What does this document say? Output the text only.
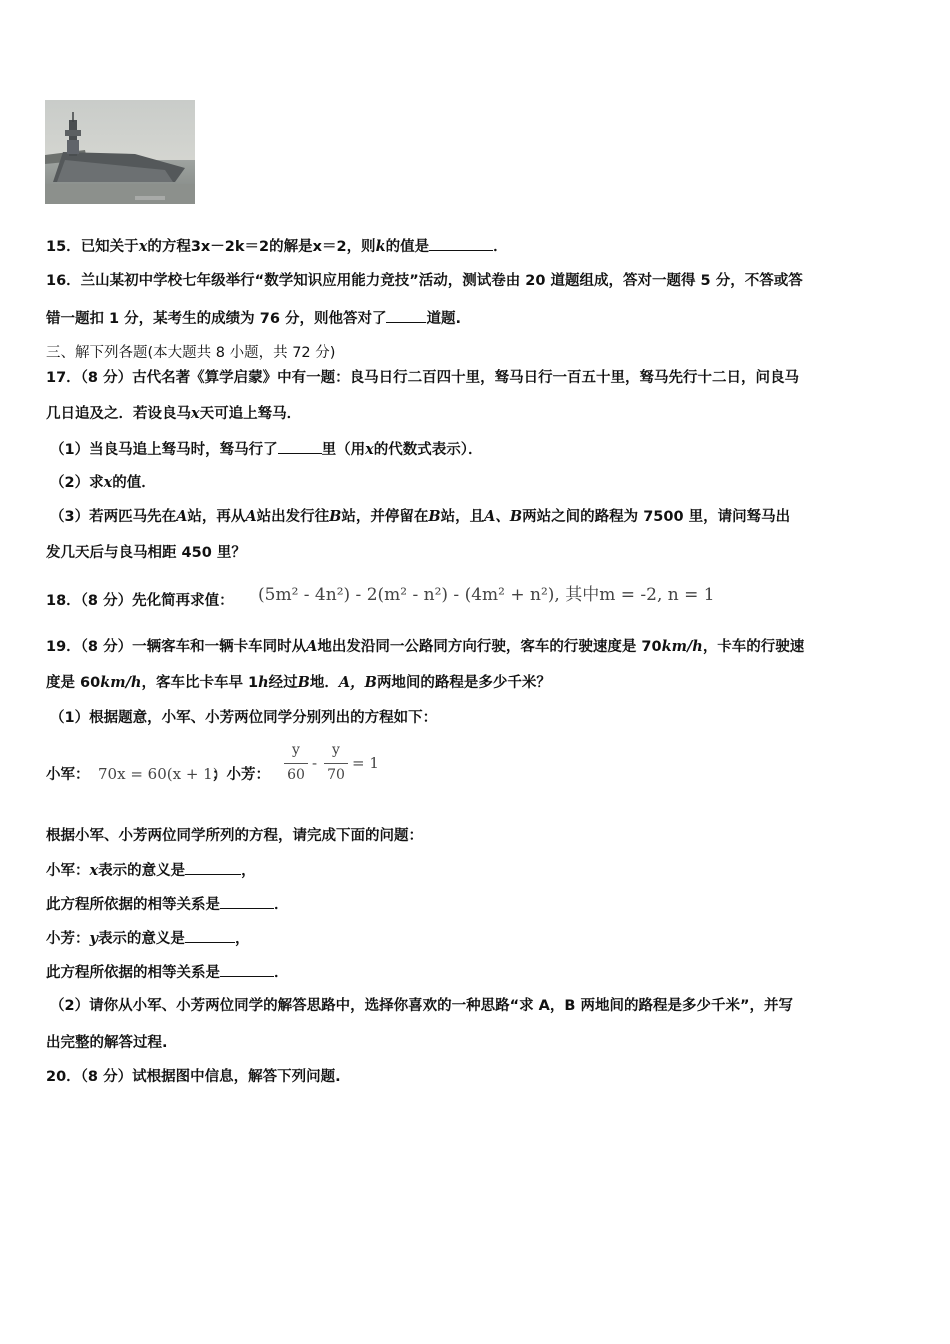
15．已知关于x的方程3x－2k＝2的解是x＝2，则k的值是	．
16．兰山某初中学校七年级举行“数学知识应用能力竞技”活动，测试卷由 20 道题组成，答对一题得 5 分，不答或答
错一题扣 1 分，某考生的成绩为 76 分，则他答对了	道题.
三、解下列各题(本大题共 8 小题，共 72 分)
17．（8 分）古代名著《算学启蒙》中有一题：良马日行二百四十里，驽马日行一百五十里，驽马先行十二日，问良马
几日追及之．若设良马x天可追上驽马．
（1）当良马追上驽马时，驽马行了	里（用x的代数式表示）．
（2）求x的值．
（3）若两匹马先在A站，再从A站出发行往B站，并停留在B站，且A、B两站之间的路程为 7500 里，请问驽马出
发几天后与良马相距 450 里？
18．（8 分）先化简再求值： (5m² - 4n²) - 2(m² - n²) - (4m² + n²), 其中m = -2, n = 1
19．（8 分）一辆客车和一辆卡车同时从A地出发沿同一公路同方向行驶，客车的行驶速度是 70km/h，卡车的行驶速
度是 60km/h，客车比卡车早 1h经过B地．A，B两地间的路程是多少千米？
（1）根据题意，小军、小芳两位同学分别列出的方程如下：
小军： 70x = 60(x + 1)
；小芳：
y
60
-
y
70
= 1
根据小军、小芳两位同学所列的方程，请完成下面的问题：
小军：x表示的意义是	，
此方程所依据的相等关系是	．
小芳：y表示的意义是	，
此方程所依据的相等关系是	．
（2）请你从小军、小芳两位同学的解答思路中，选择你喜欢的一种思路“求 A，B 两地间的路程是多少千米”，并写
出完整的解答过程.
20．（8 分）试根据图中信息，解答下列问题.
